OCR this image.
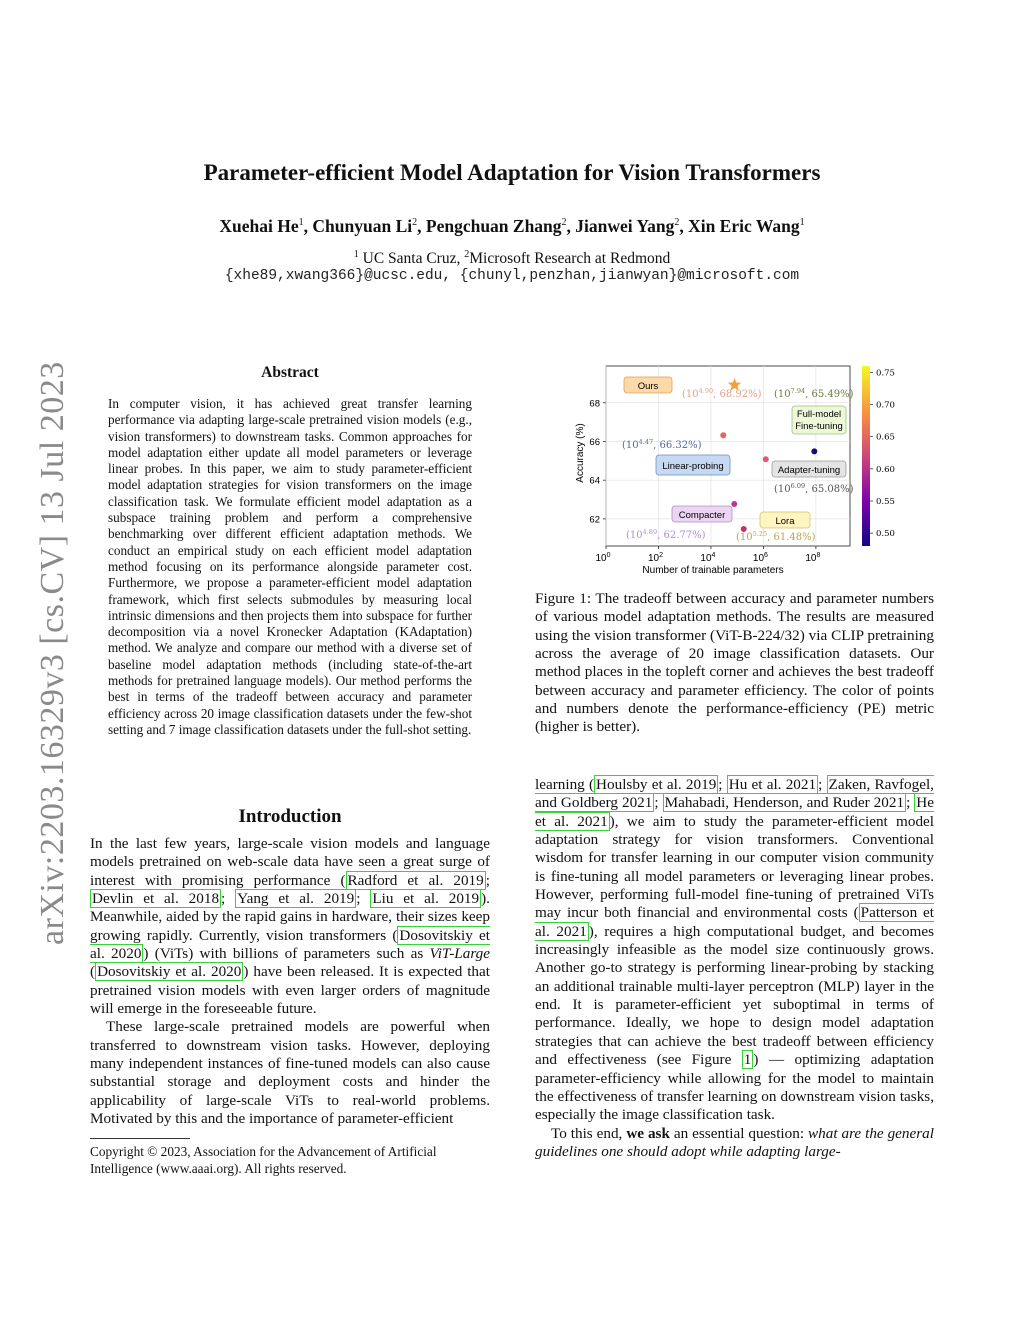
Parameter-efficient Model Adaptation for Vision Transformers
Xuehai He$^1$, Chunyuan Li$^2$, Pengchuan Zhang$^2$, Jianwei Yang$^2$, Xin Eric Wang$^1$
$^1$ UC Santa Cruz, $^2$Microsoft Research at Redmond
{xhe89,xwang366}@ucsc.edu, {chunyl,penzhan,jianwyan}@microsoft.com
arXiv:2203.16329v3 [cs.CV] 13 Jul 2023	Abstract
In computer vision, it has achieved great transfer learning performance via adapting large-scale pretrained vision models (e.g., vision transformers) to downstream tasks. Common approaches for model adaptation either update all model parameters or leverage linear probes. In this paper, we aim to study parameter-efficient model adaptation strategies for vision transformers on the image classification task. We formulate efficient model adaptation as a subspace training problem and perform a comprehensive benchmarking over different efficient adaptation methods. We conduct an empirical study on each efficient model adaptation method focusing on its performance alongside parameter cost. Furthermore, we propose a parameter-efficient model adaptation framework, which first selects submodules by measuring local intrinsic dimensions and then projects them into subspace for further decomposition via a novel Kronecker Adaptation (KAdaptation) method. We analyze and compare our method with a diverse set of baseline model adaptation methods (including state-of-the-art methods for pretrained language models). Our method performs the best in terms of the tradeoff between accuracy and parameter efficiency across 20 image classification datasets under the few-shot setting and 7 image classification datasets under the full-shot setting.
Introduction

In the last few years, large-scale vision models and language models pretrained on web-scale data have seen a great surge of interest with promising performance ( Radford et al. 2019 ; Devlin et al. 2018 ; Yang et al. 2019 ; Liu et al. 2019 ). Meanwhile, aided by the rapid gains in hardware, their sizes keep growing rapidly. Currently, vision transformers ( Dosovitskiy et al. 2020 ) (ViTs) with billions of parameters such as ViT-Large ( Dosovitskiy et al. 2020 ) have been released. It is expected that pretrained vision models with even larger orders of magnitude will emerge in the foreseeable future.

These large-scale pretrained models are powerful when transferred to downstream vision tasks. However, deploying many independent instances of fine-tuned models can also cause substantial storage and deployment costs and hinder the applicability of large-scale ViTs to real-world problems. Motivated by this and the importance of parameter-efficient

Copyright © 2023, Association for the Advancement of Artificial Intelligence (www.aaai.org). All rights reserved.
Accuracy (%)
Number of trainable parameters
62
64
66
68
$10^0$	$10^2$	$10^4$	$10^6$	$10^8$
0.75
0.70
0.65
0.60
0.55
0.50
($10^{4.90}$, 68.92%)
($10^{4.47}$, 66.32%)
($10^{7.94}$, 65.49%)
($10^{6.09}$, 65.08%)
($10^{4.89}$, 62.77%)	($10^{5.25}$, 61.48%)
Ours
Linear-probing
Full-model
Fine-tuning
Adapter-tuning
Compacter
Lora
Figure 1: The tradeoff between accuracy and parameter numbers of various model adaptation methods. The results are measured using the vision transformer (ViT-B-224/32) via CLIP pretraining across the average of 20 image classification datasets. Our method places in the topleft corner and achieves the best tradeoff between accuracy and parameter efficiency. The color of points and numbers denote the performance-efficiency (PE) metric (higher is better).

learning ( Houlsby et al. 2019 ; Hu et al. 2021 ; Zaken, Ravfogel, and Goldberg 2021 ; Mahabadi, Henderson, and Ruder 2021 ; He et al. 2021 ), we aim to study the parameter-efficient model adaptation strategy for vision transformers. Conventional wisdom for transfer learning in our computer vision community is fine-tuning all model parameters or leveraging linear probes. However, performing full-model fine-tuning of pretrained ViTs may incur both financial and environmental costs ( Patterson et al. 2021 ), requires a high computational budget, and becomes increasingly infeasible as the model size continuously grows. Another go-to strategy is performing linear-probing by stacking an additional trainable multi-layer perceptron (MLP) layer in the end. It is parameter-efficient yet suboptimal in terms of performance. Ideally, we hope to design model adaptation strategies that can achieve the best tradeoff between efficiency and effectiveness (see Figure 1 ) — optimizing adaptation parameter-efficiency while allowing for the model to maintain the effectiveness of transfer learning on downstream vision tasks, especially the image classification task.

To this end, we ask an essential question: what are the general guidelines one should adopt while adapting large-
